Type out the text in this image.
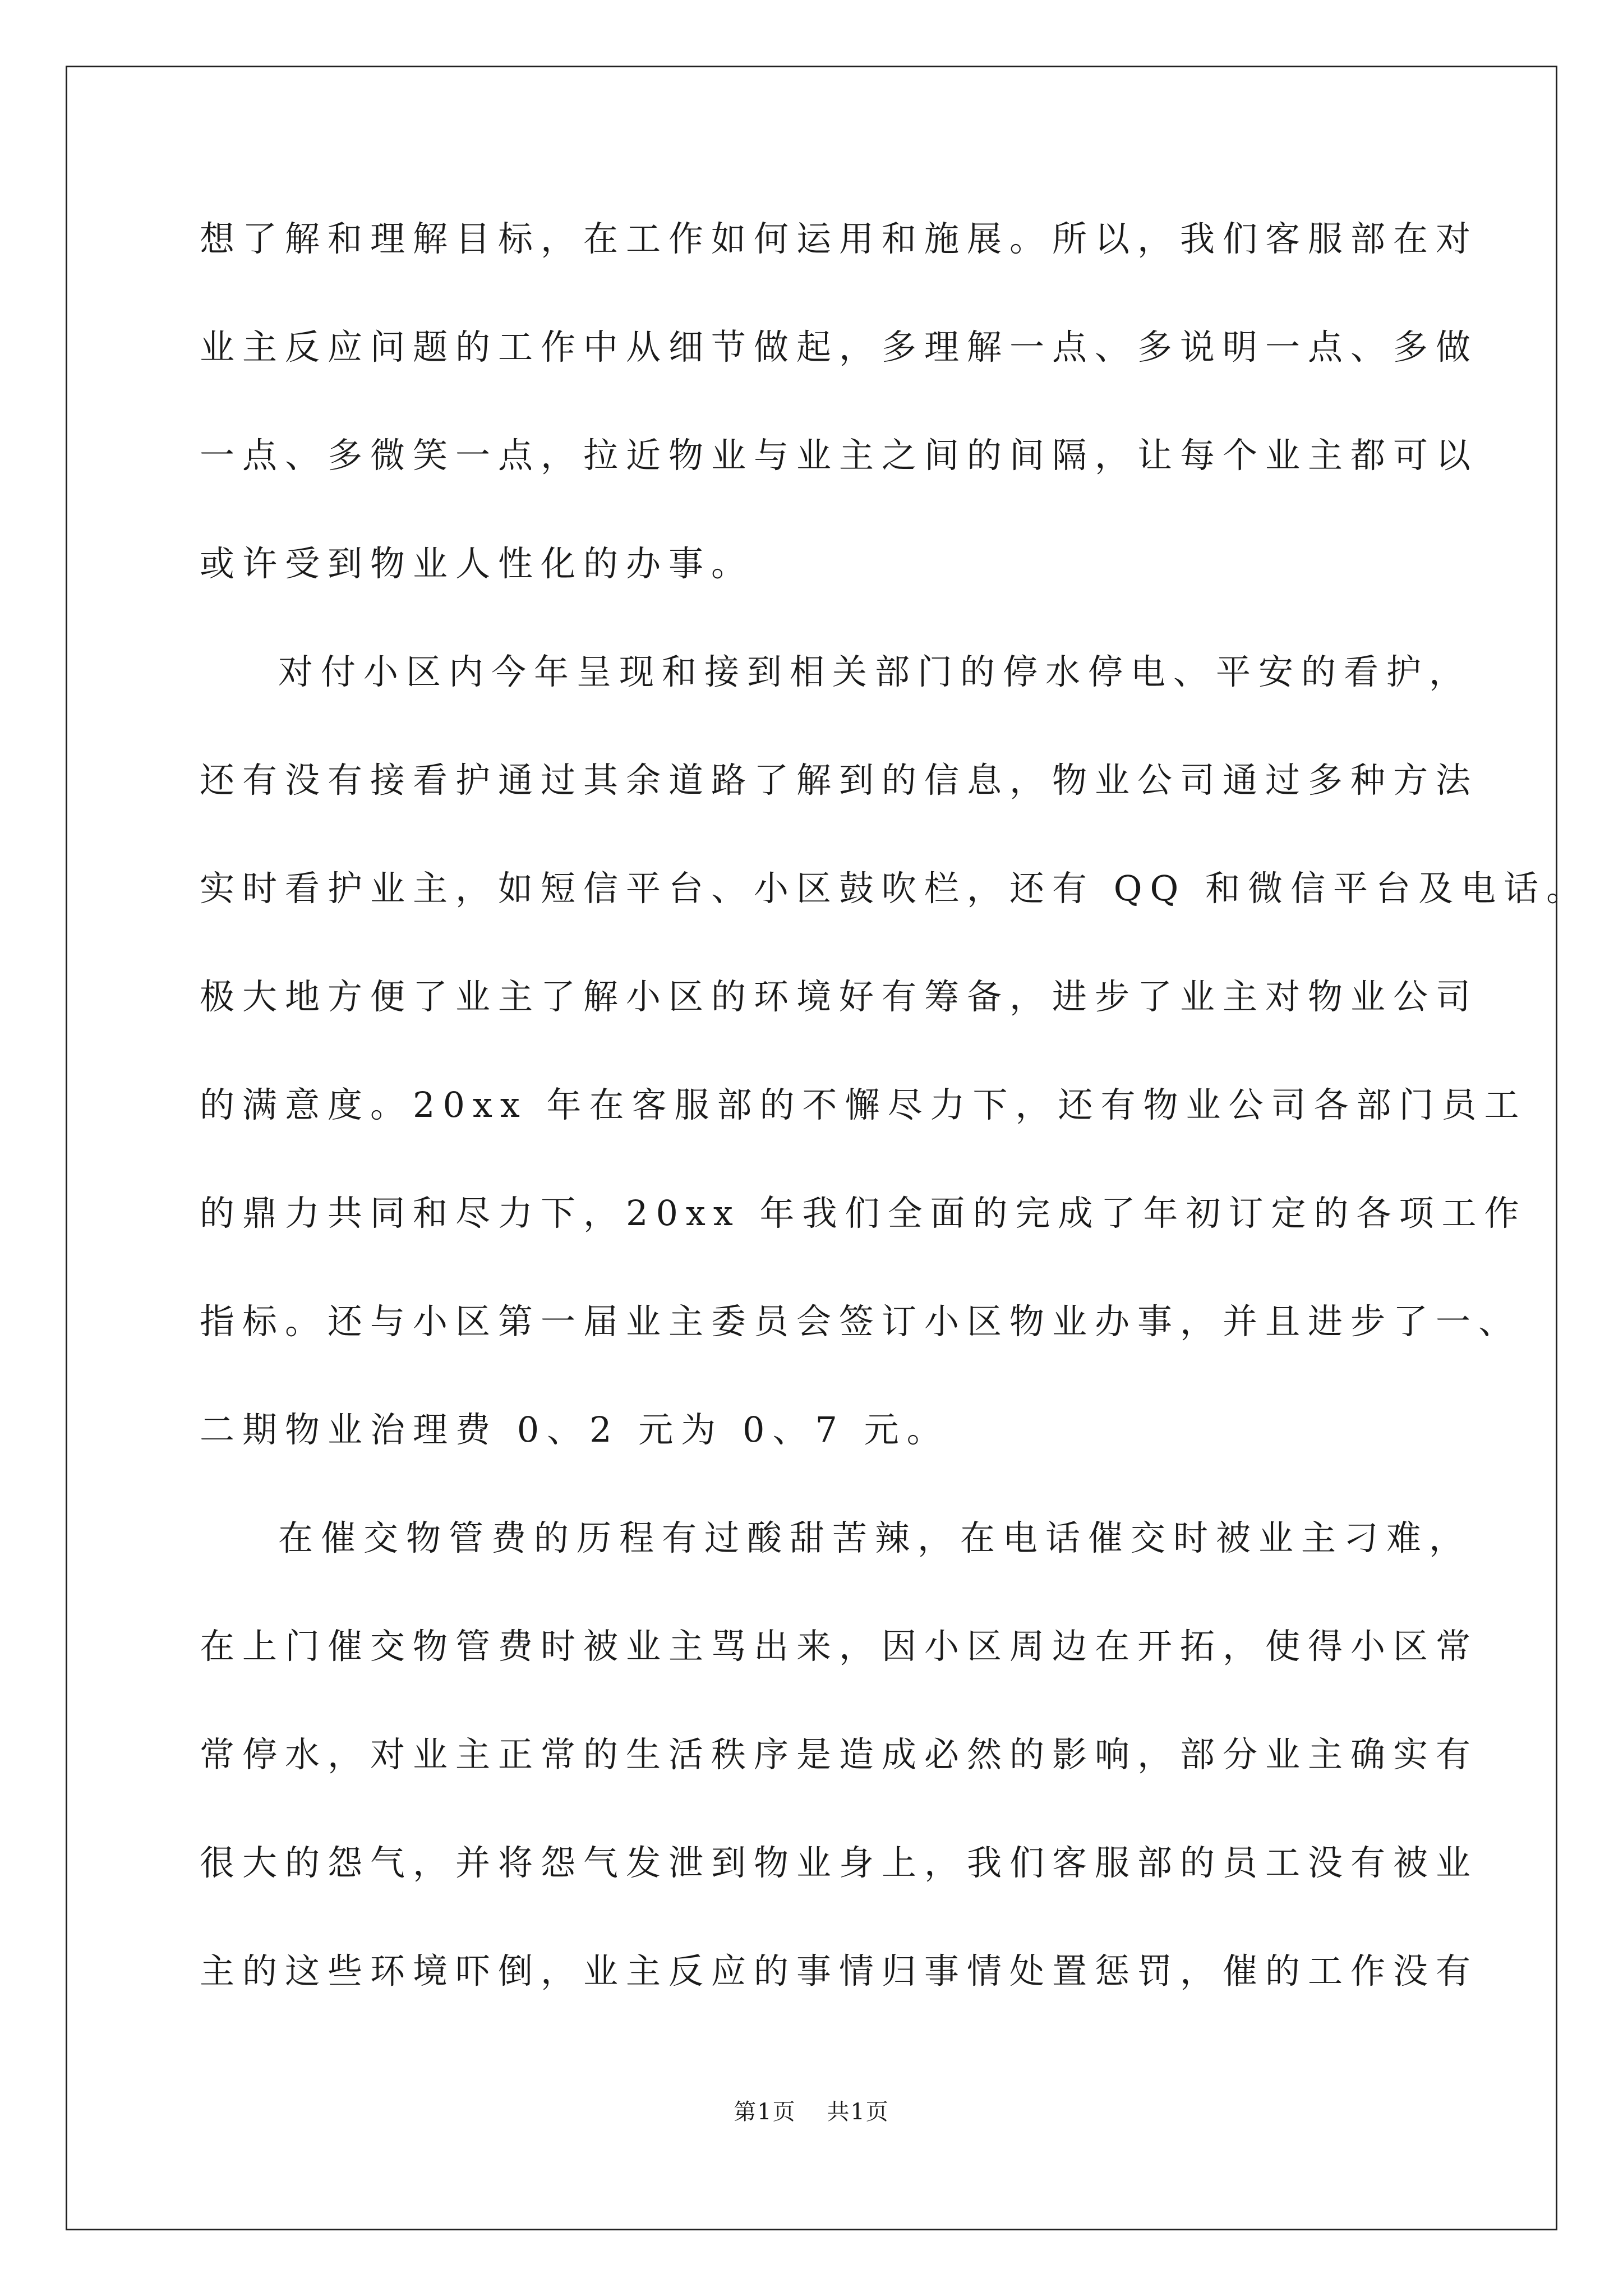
想了解和理解目标，在工作如何运用和施展。所以，我们客服部在对
业主反应问题的工作中从细节做起，多理解一点、多说明一点、多做
一点、多微笑一点，拉近物业与业主之间的间隔，让每个业主都可以
或许受到物业人性化的办事。
对付小区内今年呈现和接到相关部门的停水停电、平安的看护，
还有没有接看护通过其余道路了解到的信息，物业公司通过多种方法
实时看护业主，如短信平台、小区鼓吹栏，还有 QQ 和微信平台及电话。
极大地方便了业主了解小区的环境好有筹备，进步了业主对物业公司
的满意度。20xx 年在客服部的不懈尽力下，还有物业公司各部门员工
的鼎力共同和尽力下，20xx 年我们全面的完成了年初订定的各项工作
指标。还与小区第一届业主委员会签订小区物业办事，并且进步了一、
二期物业治理费 0、2 元为 0、7 元。
在催交物管费的历程有过酸甜苦辣，在电话催交时被业主刁难，
在上门催交物管费时被业主骂出来，因小区周边在开拓，使得小区常
常停水，对业主正常的生活秩序是造成必然的影响，部分业主确实有
很大的怨气，并将怨气发泄到物业身上，我们客服部的员工没有被业
主的这些环境吓倒，业主反应的事情归事情处置惩罚，催的工作没有
第1页 共1页
